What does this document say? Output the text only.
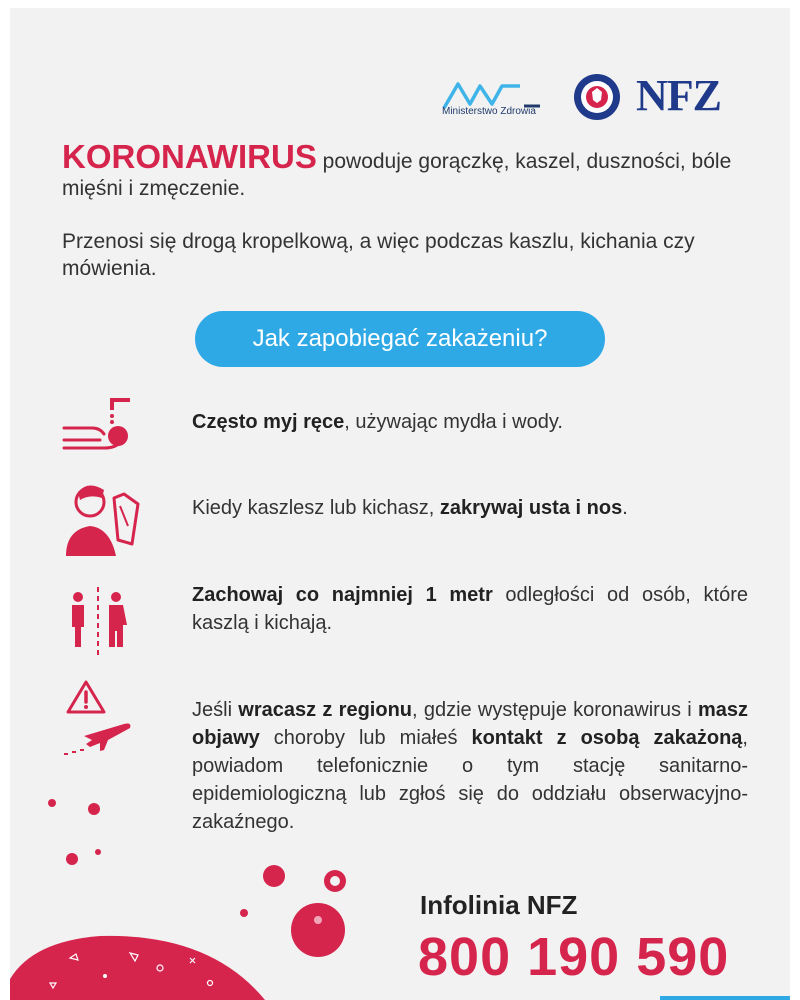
Ministerstwo Zdrowia NFZ

KORONAWIRUS powoduje gorączkę, kaszel, duszności, bóle mięśni i zmęczenie.

Przenosi się drogą kropelkową, a więc podczas kaszlu, kichania czy mówienia.

Jak zapobiegać zakażeniu?
Często myj ręce, używając mydła i wody.
Kiedy kaszlesz lub kichasz, zakrywaj usta i nos.
Zachowaj co najmniej 1 metr odległości od osób, które kaszlą i kichają.
Jeśli wracasz z regionu, gdzie występuje koronawirus i masz objawy choroby lub miałeś kontakt z osobą zakażoną, powiadom telefonicznie o tym stację sanitarno-epidemiologiczną lub zgłoś się do oddziału obserwacyjno-zakaźnego.
Infolinia NFZ
800 190 590
